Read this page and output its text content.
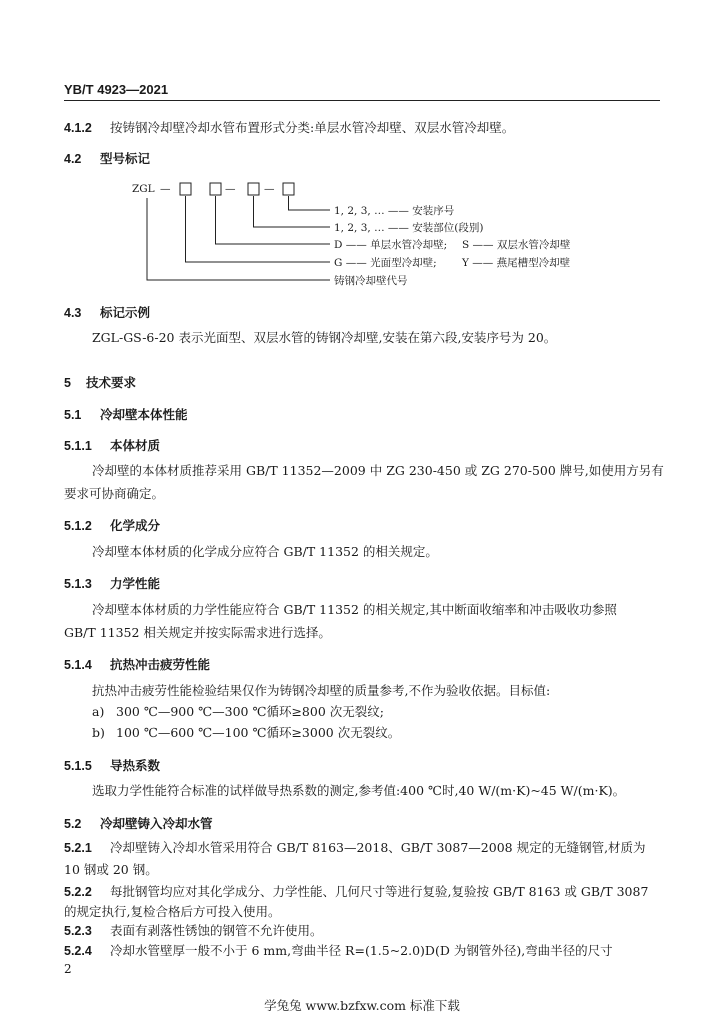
YB/T 4923—2021
4.1.2 按铸钢冷却壁冷却水管布置形式分类:单层水管冷却壁、双层水管冷却壁。
4.2 型号标记
ZGL —	—	—
1, 2, 3, … —— 安装序号
1, 2, 3, … —— 安装部位(段别)
D —— 单层水管冷却壁; S —— 双层水管冷却壁
G —— 光面型冷却壁; Y —— 燕尾槽型冷却壁
铸钢冷却壁代号
4.3 标记示例
ZGL-GS-6-20 表示光面型、双层水管的铸钢冷却壁,安装在第六段,安装序号为 20。
5 技术要求
5.1 冷却壁本体性能
5.1.1 本体材质
冷却壁的本体材质推荐采用 GB/T 11352—2009 中 ZG 230-450 或 ZG 270-500 牌号,如使用方另有
要求可协商确定。
5.1.2 化学成分
冷却壁本体材质的化学成分应符合 GB/T 11352 的相关规定。
5.1.3 力学性能
冷却壁本体材质的力学性能应符合 GB/T 11352 的相关规定,其中断面收缩率和冲击吸收功参照
GB/T 11352 相关规定并按实际需求进行选择。
5.1.4 抗热冲击疲劳性能
抗热冲击疲劳性能检验结果仅作为铸钢冷却壁的质量参考,不作为验收依据。目标值:
a) 300 ℃—900 ℃—300 ℃循环≥800 次无裂纹;
b) 100 ℃—600 ℃—100 ℃循环≥3000 次无裂纹。
5.1.5 导热系数
选取力学性能符合标准的试样做导热系数的测定,参考值:400 ℃时,40 W/(m·K)~45 W/(m·K)。
5.2 冷却壁铸入冷却水管
5.2.1 冷却壁铸入冷却水管采用符合 GB/T 8163—2018、GB/T 3087—2008 规定的无缝钢管,材质为
10 钢或 20 钢。
5.2.2 每批钢管均应对其化学成分、力学性能、几何尺寸等进行复验,复验按 GB/T 8163 或 GB/T 3087
的规定执行,复检合格后方可投入使用。
5.2.3 表面有剥落性锈蚀的钢管不允许使用。
5.2.4 冷却水管壁厚一般不小于 6 mm,弯曲半径 R=(1.5~2.0)D(D 为钢管外径),弯曲半径的尺寸
2
学兔兔 www.bzfxw.com 标准下载
